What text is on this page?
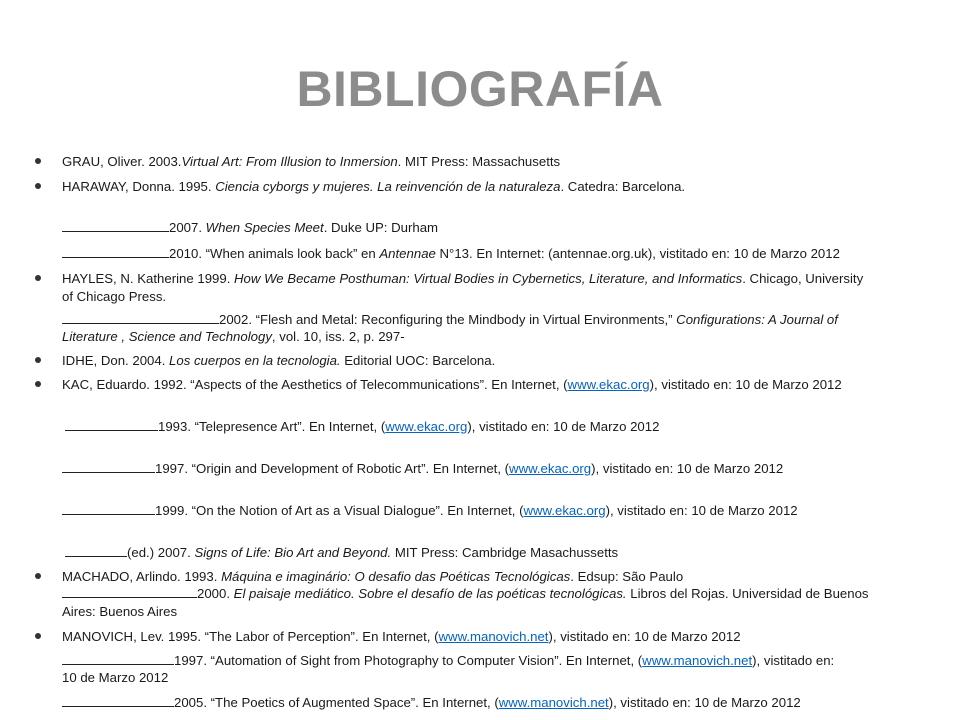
BIBLIOGRAFÍA
GRAU, Oliver. 2003.Virtual Art: From Illusion to Inmersion. MIT Press: Massachusetts
HARAWAY, Donna. 1995. Ciencia cyborgs y mujeres. La reinvención de la naturaleza. Catedra: Barcelona.
2007. When Species Meet. Duke UP: Durham
2010. “When animals look back” en Antennae N°13. En Internet: (antennae.org.uk), vistitado en: 10 de Marzo 2012
HAYLES, N. Katherine 1999. How We Became Posthuman: Virtual Bodies in Cybernetics, Literature, and Informatics. Chicago, University
of Chicago Press.
2002. “Flesh and Metal: Reconfiguring the Mindbody in Virtual Environments,” Configurations: A Journal of
Literature , Science and Technology, vol. 10, iss. 2, p. 297-
IDHE, Don. 2004. Los cuerpos en la tecnologia. Editorial UOC: Barcelona.
KAC, Eduardo. 1992. “Aspects of the Aesthetics of Telecommunications”. En Internet, (www.ekac.org), vistitado en: 10 de Marzo 2012
1993. “Telepresence Art”. En Internet, (www.ekac.org), vistitado en: 10 de Marzo 2012
1997. “Origin and Development of Robotic Art”. En Internet, (www.ekac.org), vistitado en: 10 de Marzo 2012
1999. “On the Notion of Art as a Visual Dialogue”. En Internet, (www.ekac.org), vistitado en: 10 de Marzo 2012
(ed.) 2007. Signs of Life: Bio Art and Beyond. MIT Press: Cambridge Masachussetts
MACHADO, Arlindo. 1993. Máquina e imaginário: O desafio das Poéticas Tecnológicas. Edsup: São Paulo
2000. El paisaje mediático. Sobre el desafío de las poéticas tecnológicas. Libros del Rojas. Universidad de Buenos
Aires: Buenos Aires
MANOVICH, Lev. 1995. “The Labor of Perception”. En Internet, (www.manovich.net), vistitado en: 10 de Marzo 2012
1997. “Automation of Sight from Photography to Computer Vision”. En Internet, (www.manovich.net), vistitado en:
10 de Marzo 2012
2005. “The Poetics of Augmented Space”. En Internet, (www.manovich.net), vistitado en: 10 de Marzo 2012
